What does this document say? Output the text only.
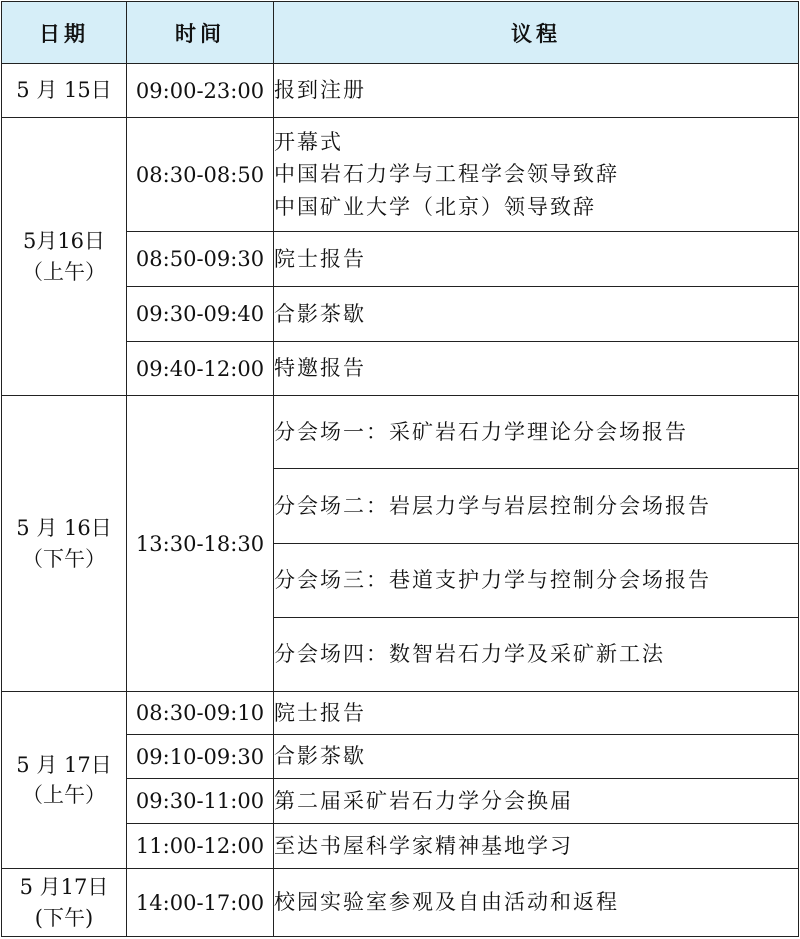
日期	时间	议程

5 月 15日	09:00-23:00	报到注册

5月16日
（上午）	08:30-08:50	开幕式
中国岩石力学与工程学会领导致辞
中国矿业大学（北京）领导致辞

	08:50-09:30	院士报告

	09:30-09:40	合影茶歇

	09:40-12:00	特邀报告

5 月 16日
（下午）	13:30-18:30	分会场一：采矿岩石力学理论分会场报告
		分会场二：岩层力学与岩层控制分会场报告
		分会场三：巷道支护力学与控制分会场报告
		分会场四：数智岩石力学及采矿新工法

5 月 17日
（上午）	08:30-09:10	院士报告

	09:10-09:30	合影茶歇

	09:30-11:00	第二届采矿岩石力学分会换届

	11:00-12:00	至达书屋科学家精神基地学习

5 月17日
(下午)	14:00-17:00	校园实验室参观及自由活动和返程
